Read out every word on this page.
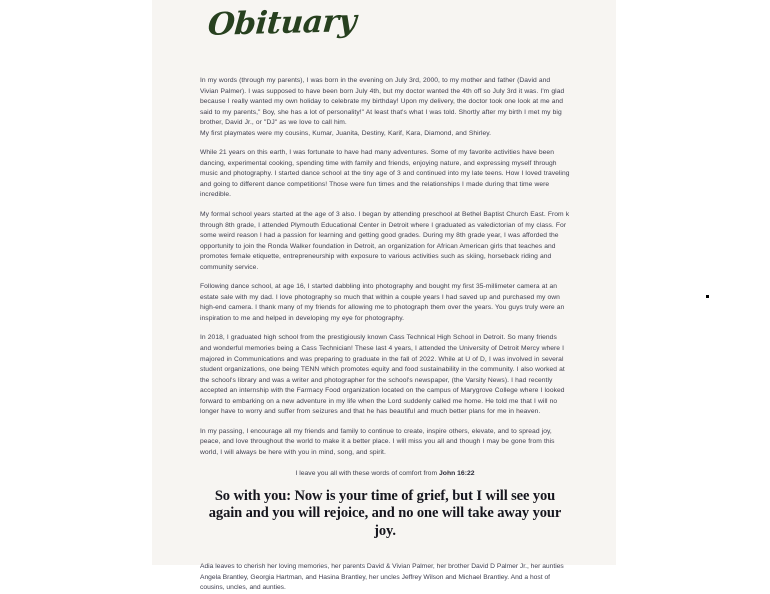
Obituary

In my words (through my parents), I was born in the evening on July 3rd, 2000, to my mother and father (David and Vivian Palmer). I was supposed to have been born July 4th, but my doctor wanted the 4th off so July 3rd it was. I'm glad because I really wanted my own holiday to celebrate my birthday! Upon my delivery, the doctor took one look at me and said to my parents," Boy, she has a lot of personality!" At least that's what I was told. Shortly after my birth I met my big brother, David Jr., or "DJ" as we love to call him.

My first playmates were my cousins, Kumar, Juanita, Destiny, Karif, Kara, Diamond, and Shirley.

While 21 years on this earth, I was fortunate to have had many adventures. Some of my favorite activities have been dancing, experimental cooking, spending time with family and friends, enjoying nature, and expressing myself through music and photography. I started dance school at the tiny age of 3 and continued into my late teens. How I loved traveling and going to different dance competitions! Those were fun times and the relationships I made during that time were incredible.

My formal school years started at the age of 3 also. I began by attending preschool at Bethel Baptist Church East. From k through 8th grade, I attended Plymouth Educational Center in Detroit where I graduated as valedictorian of my class. For some weird reason I had a passion for learning and getting good grades. During my 8th grade year, I was afforded the opportunity to join the Ronda Walker foundation in Detroit, an organization for African American girls that teaches and promotes female etiquette, entrepreneurship with exposure to various activities such as skiing, horseback riding and community service.

Following dance school, at age 16, I started dabbling into photography and bought my first 35-millimeter camera at an estate sale with my dad. I love photography so much that within a couple years I had saved up and purchased my own high-end camera. I thank many of my friends for allowing me to photograph them over the years. You guys truly were an inspiration to me and helped in developing my eye for photography.

In 2018, I graduated high school from the prestigiously known Cass Technical High School in Detroit. So many friends and wonderful memories being a Cass Technician! These last 4 years, I attended the University of Detroit Mercy where I majored in Communications and was preparing to graduate in the fall of 2022. While at U of D, I was involved in several student organizations, one being TENN which promotes equity and food sustainability in the community. I also worked at the school's library and was a writer and photographer for the school's newspaper, (the Varsity News). I had recently accepted an internship with the Farmacy Food organization located on the campus of Marygrove College where I looked forward to embarking on a new adventure in my life when the Lord suddenly called me home. He told me that I will no longer have to worry and suffer from seizures and that he has beautiful and much better plans for me in heaven.

In my passing, I encourage all my friends and family to continue to create, inspire others, elevate, and to spread joy, peace, and love throughout the world to make it a better place. I will miss you all and though I may be gone from this world, I will always be here with you in mind, song, and spirit.

I leave you all with these words of comfort from John 16:22

So with you: Now is your time of grief, but I will see you again and you will rejoice, and no one will take away your joy.

Adia leaves to cherish her loving memories, her parents David & Vivian Palmer, her brother David D Palmer Jr., her aunties Angela Brantley, Georgia Hartman, and Hasina Brantley, her uncles Jeffrey Wilson and Michael Brantley. And a host of cousins, uncles, and aunties.
